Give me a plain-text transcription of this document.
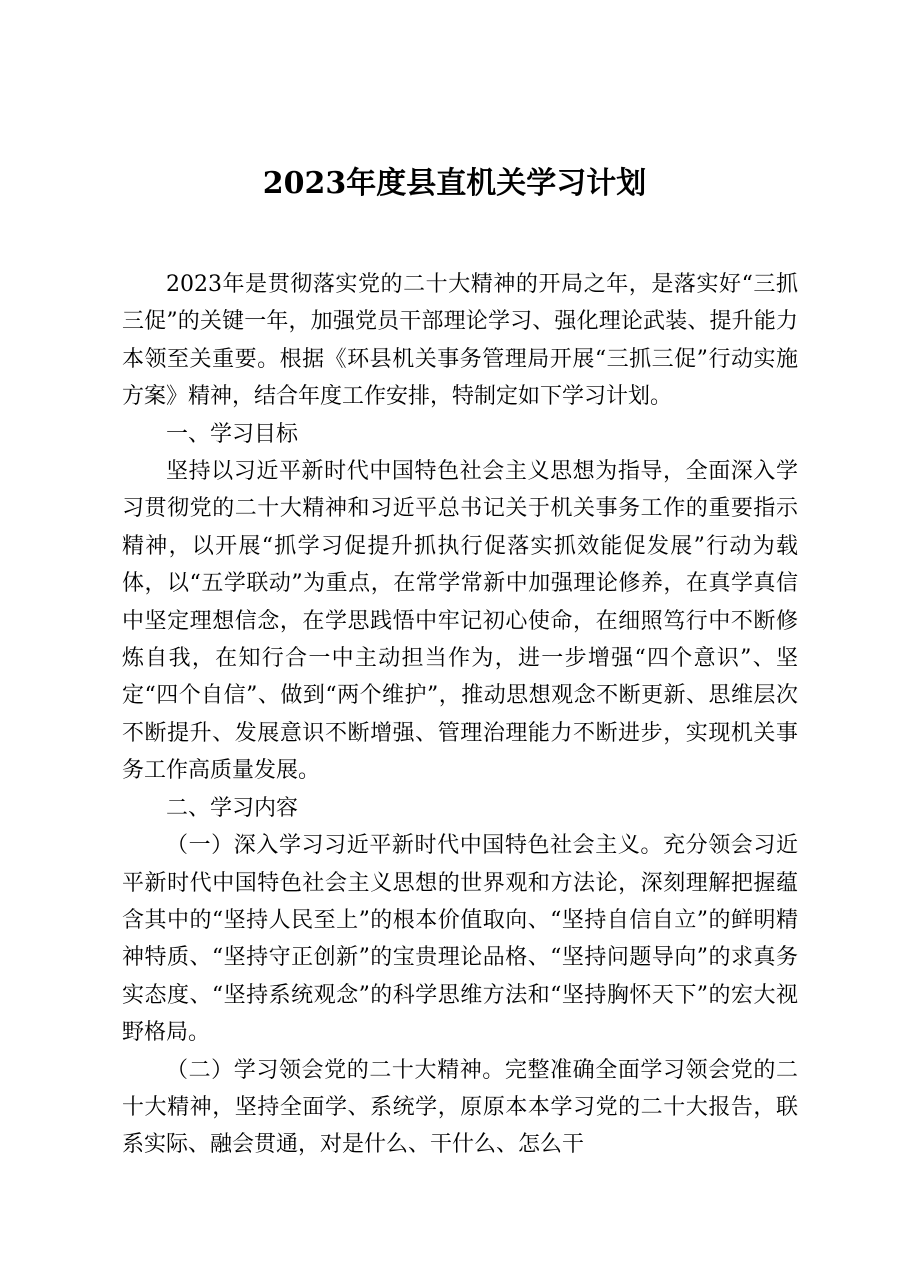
2023年度县直机关学习计划

2023年是贯彻落实党的二十大精神的开局之年，是落实好“三抓三促”的关键一年，加强党员干部理论学习、强化理论武装、提升能力本领至关重要。根据《环县机关事务管理局开展“三抓三促”行动实施方案》精神，结合年度工作安排，特制定如下学习计划。

一、学习目标

坚持以习近平新时代中国特色社会主义思想为指导，全面深入学习贯彻党的二十大精神和习近平总书记关于机关事务工作的重要指示精神，以开展“抓学习促提升抓执行促落实抓效能促发展”行动为载体，以“五学联动”为重点，在常学常新中加强理论修养，在真学真信中坚定理想信念，在学思践悟中牢记初心使命，在细照笃行中不断修炼自我，在知行合一中主动担当作为，进一步增强“四个意识”、坚定“四个自信”、做到“两个维护”，推动思想观念不断更新、思维层次不断提升、发展意识不断增强、管理治理能力不断进步，实现机关事务工作高质量发展。

二、学习内容

（一）深入学习习近平新时代中国特色社会主义。充分领会习近平新时代中国特色社会主义思想的世界观和方法论，深刻理解把握蕴含其中的“坚持人民至上”的根本价值取向、“坚持自信自立”的鲜明精神特质、“坚持守正创新”的宝贵理论品格、“坚持问题导向”的求真务实态度、“坚持系统观念”的科学思维方法和“坚持胸怀天下”的宏大视野格局。

（二）学习领会党的二十大精神。完整准确全面学习领会党的二十大精神，坚持全面学、系统学，原原本本学习党的二十大报告，联系实际、融会贯通，对是什么、干什么、怎么干
